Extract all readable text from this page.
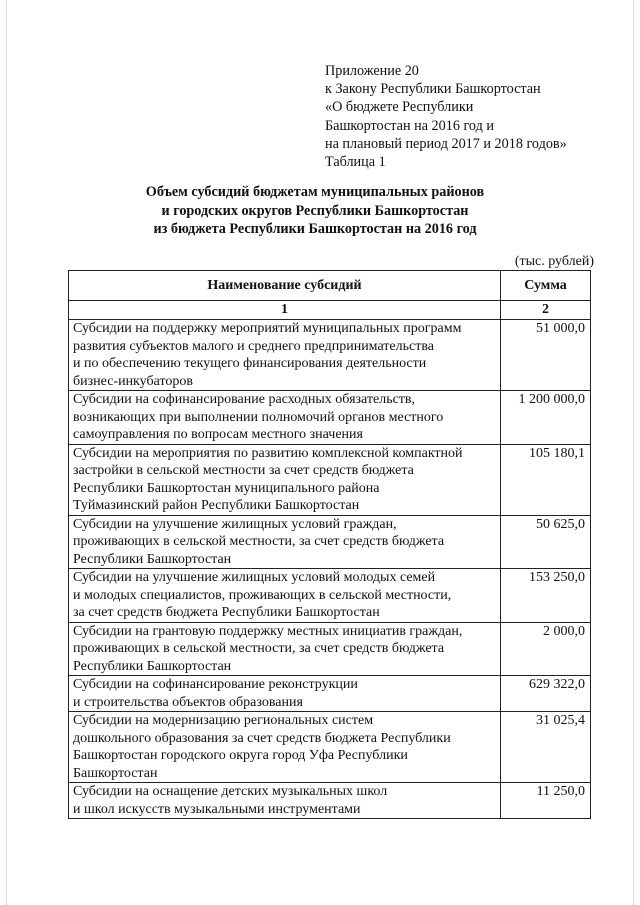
Приложение 20
к Закону Республики Башкортостан
«О бюджете Республики
Башкортостан на 2016 год и
на плановый период 2017 и 2018 годов»
Таблица 1
Объем субсидий бюджетам муниципальных районов
и городских округов Республики Башкортостан
из бюджета Республики Башкортостан на 2016 год
(тыс. рублей)
Наименование субсидий	Сумма
1	2

Субсидии на поддержку мероприятий муниципальных программ
развития субъектов малого и среднего предпринимательства
и по обеспечению текущего финансирования деятельности
бизнес-инкубаторов	51 000,0

Субсидии на софинансирование расходных обязательств,
возникающих при выполнении полномочий органов местного
самоуправления по вопросам местного значения	1 200 000,0

Субсидии на мероприятия по развитию комплексной компактной
застройки в сельской местности за счет средств бюджета
Республики Башкортостан муниципального района
Туймазинский район Республики Башкортостан	105 180,1

Субсидии на улучшение жилищных условий граждан,
проживающих в сельской местности, за счет средств бюджета
Республики Башкортостан	50 625,0

Субсидии на улучшение жилищных условий молодых семей
и молодых специалистов, проживающих в сельской местности,
за счет средств бюджета Республики Башкортостан	153 250,0

Субсидии на грантовую поддержку местных инициатив граждан,
проживающих в сельской местности, за счет средств бюджета
Республики Башкортостан	2 000,0

Субсидии на софинансирование реконструкции
и строительства объектов образования	629 322,0

Субсидии на модернизацию региональных систем
дошкольного образования за счет средств бюджета Республики
Башкортостан городского округа город Уфа Республики
Башкортостан	31 025,4

Субсидии на оснащение детских музыкальных школ
и школ искусств музыкальными инструментами	11 250,0
